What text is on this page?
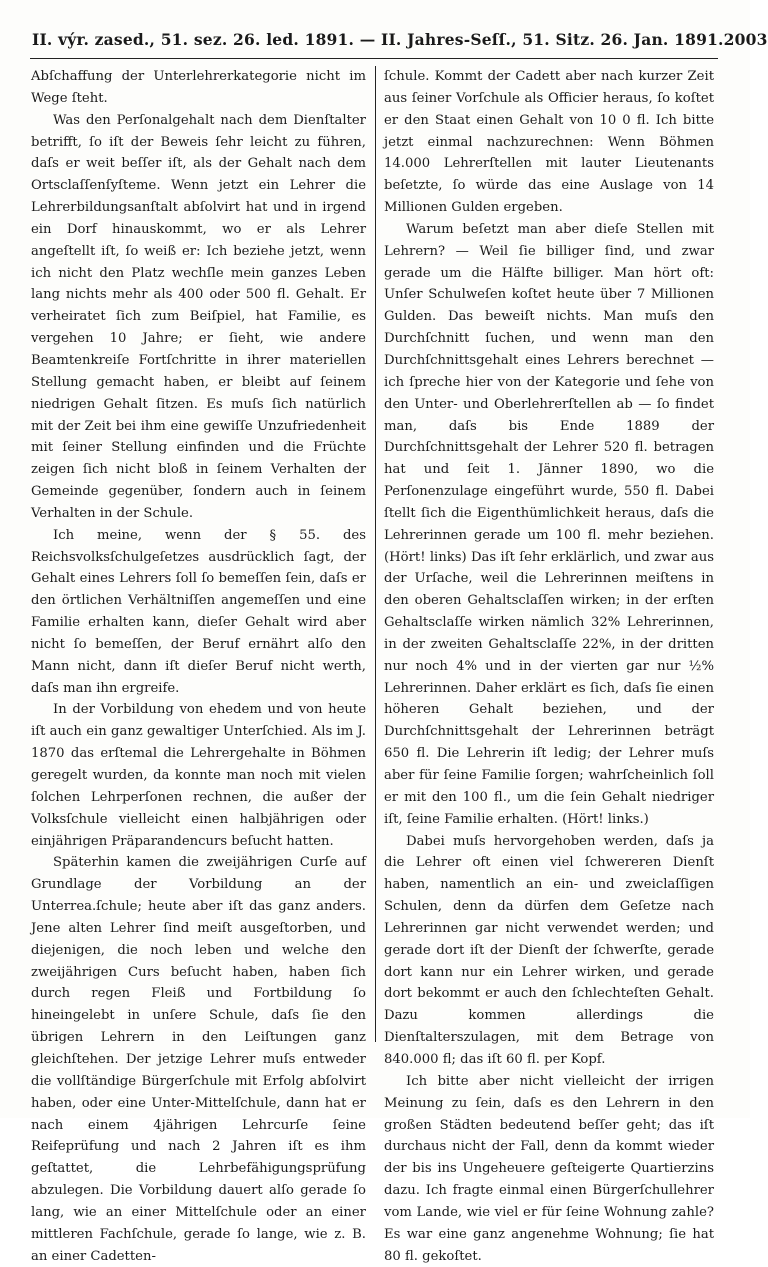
II. výr. zased., 51. sez. 26. led. 1891. — II. Jahres-Seſſ., 51. Sitz. 26. Jan. 1891. 2003

Abſchaffung der Unterlehrerkategorie nicht im Wege ſteht.

Was den Perſonalgehalt nach dem Dienſtalter betrifft, ſo iſt der Beweis ſehr leicht zu führen, daſs er weit beſſer iſt, als der Gehalt nach dem Ortsclaſſenſyſteme. Wenn jetzt ein Lehrer die Lehrerbildungsanſtalt abſolvirt hat und in irgend ein Dorf hinauskommt, wo er als Lehrer angeſtellt iſt, ſo weiß er: Ich beziehe jetzt, wenn ich nicht den Platz wechſle mein ganzes Leben lang nichts mehr als 400 oder 500 fl. Gehalt. Er verheiratet ſich zum Beiſpiel, hat Familie, es vergehen 10 Jahre; er ſieht, wie andere Beamtenkreiſe Fortſchritte in ihrer materiellen Stellung gemacht haben, er bleibt auf ſeinem niedrigen Gehalt ſitzen. Es muſs ſich natürlich mit der Zeit bei ihm eine gewiſſe Unzufriedenheit mit ſeiner Stellung einfinden und die Früchte zeigen ſich nicht bloß in ſeinem Verhalten der Gemeinde gegenüber, ſondern auch in ſeinem Verhalten in der Schule.

Ich meine, wenn der § 55. des Reichsvolksſchulgeſetzes ausdrücklich ſagt, der Gehalt eines Lehrers ſoll ſo bemeſſen ſein, daſs er den örtlichen Verhältniſſen angemeſſen und eine Familie erhalten kann, dieſer Gehalt wird aber nicht ſo bemeſſen, der Beruf ernährt alſo den Mann nicht, dann iſt dieſer Beruf nicht werth, daſs man ihn ergreife.

In der Vorbildung von ehedem und von heute iſt auch ein ganz gewaltiger Unterſchied. Als im J. 1870 das erſtemal die Lehrergehalte in Böhmen geregelt wurden, da konnte man noch mit vielen ſolchen Lehrperſonen rechnen, die außer der Volksſchule vielleicht einen halbjährigen oder einjährigen Präparandencurs beſucht hatten.

Späterhin kamen die zweijährigen Curſe auf Grundlage der Vorbildung an der Unterrea.ſchule; heute aber iſt das ganz anders. Jene alten Lehrer ſind meiſt ausgeſtorben, und diejenigen, die noch leben und welche den zweijährigen Curs beſucht haben, haben ſich durch regen Fleiß und Fortbildung ſo hineingelebt in unſere Schule, daſs ſie den übrigen Lehrern in den Leiſtungen ganz gleichſtehen. Der jetzige Lehrer muſs entweder die vollſtändige Bürgerſchule mit Erfolg abſolvirt haben, oder eine Unter-Mittelſchule, dann hat er nach einem 4jährigen Lehrcurſe ſeine Reifeprüfung und nach 2 Jahren iſt es ihm geſtattet, die Lehrbefähigungsprüfung abzulegen. Die Vorbildung dauert alſo gerade ſo lang, wie an einer Mittelſchule oder an einer mittleren Fachſchule, gerade ſo lange, wie z. B. an einer Cadetten-

ſchule. Kommt der Cadett aber nach kurzer Zeit aus ſeiner Vorſchule als Officier heraus, ſo koſtet er den Staat einen Gehalt von 10 0 fl. Ich bitte jetzt einmal nachzurechnen: Wenn Böhmen 14.000 Lehrerſtellen mit lauter Lieutenants beſetzte, ſo würde das eine Auslage von 14 Millionen Gulden ergeben.

Warum beſetzt man aber dieſe Stellen mit Lehrern? — Weil ſie billiger ſind, und zwar gerade um die Hälfte billiger. Man hört oft: Unſer Schulweſen koſtet heute über 7 Millionen Gulden. Das beweiſt nichts. Man muſs den Durchſchnitt ſuchen, und wenn man den Durchſchnittsgehalt eines Lehrers berechnet — ich ſpreche hier von der Kategorie und ſehe von den Unter- und Oberlehrerſtellen ab — ſo findet man, daſs bis Ende 1889 der Durchſchnittsgehalt der Lehrer 520 fl. betragen hat und ſeit 1. Jänner 1890, wo die Perſonenzulage eingeführt wurde, 550 fl. Dabei ſtellt ſich die Eigenthümlichkeit heraus, daſs die Lehrerinnen gerade um 100 fl. mehr beziehen. (Hört! links) Das iſt ſehr erklärlich, und zwar aus der Urſache, weil die Lehrerinnen meiſtens in den oberen Gehaltsclaſſen wirken; in der erſten Gehaltsclaſſe wirken nämlich 32% Lehrerinnen, in der zweiten Gehaltsclaſſe 22%, in der dritten nur noch 4% und in der vierten gar nur ½% Lehrerinnen. Daher erklärt es ſich, daſs ſie einen höheren Gehalt beziehen, und der Durchſchnittsgehalt der Lehrerinnen beträgt 650 fl. Die Lehrerin iſt ledig; der Lehrer muſs aber für ſeine Familie ſorgen; wahrſcheinlich ſoll er mit den 100 fl., um die ſein Gehalt niedriger iſt, ſeine Familie erhalten. (Hört! links.)

Dabei muſs hervorgehoben werden, daſs ja die Lehrer oft einen viel ſchwereren Dienſt haben, namentlich an ein- und zweiclaſſigen Schulen, denn da dürfen dem Geſetze nach Lehrerinnen gar nicht verwendet werden; und gerade dort iſt der Dienſt der ſchwerſte, gerade dort kann nur ein Lehrer wirken, und gerade dort bekommt er auch den ſchlechteſten Gehalt. Dazu kommen allerdings die Dienſtalterszulagen, mit dem Betrage von 840.000 fl; das iſt 60 fl. per Kopf.

Ich bitte aber nicht vielleicht der irrigen Meinung zu ſein, daſs es den Lehrern in den großen Städten bedeutend beſſer geht; das iſt durchaus nicht der Fall, denn da kommt wieder der bis ins Ungeheuere geſteigerte Quartierzins dazu. Ich fragte einmal einen Bürgerſchullehrer vom Lande, wie viel er für ſeine Wohnung zahle? Es war eine ganz angenehme Wohnung; ſie hat 80 fl. gekoſtet.
